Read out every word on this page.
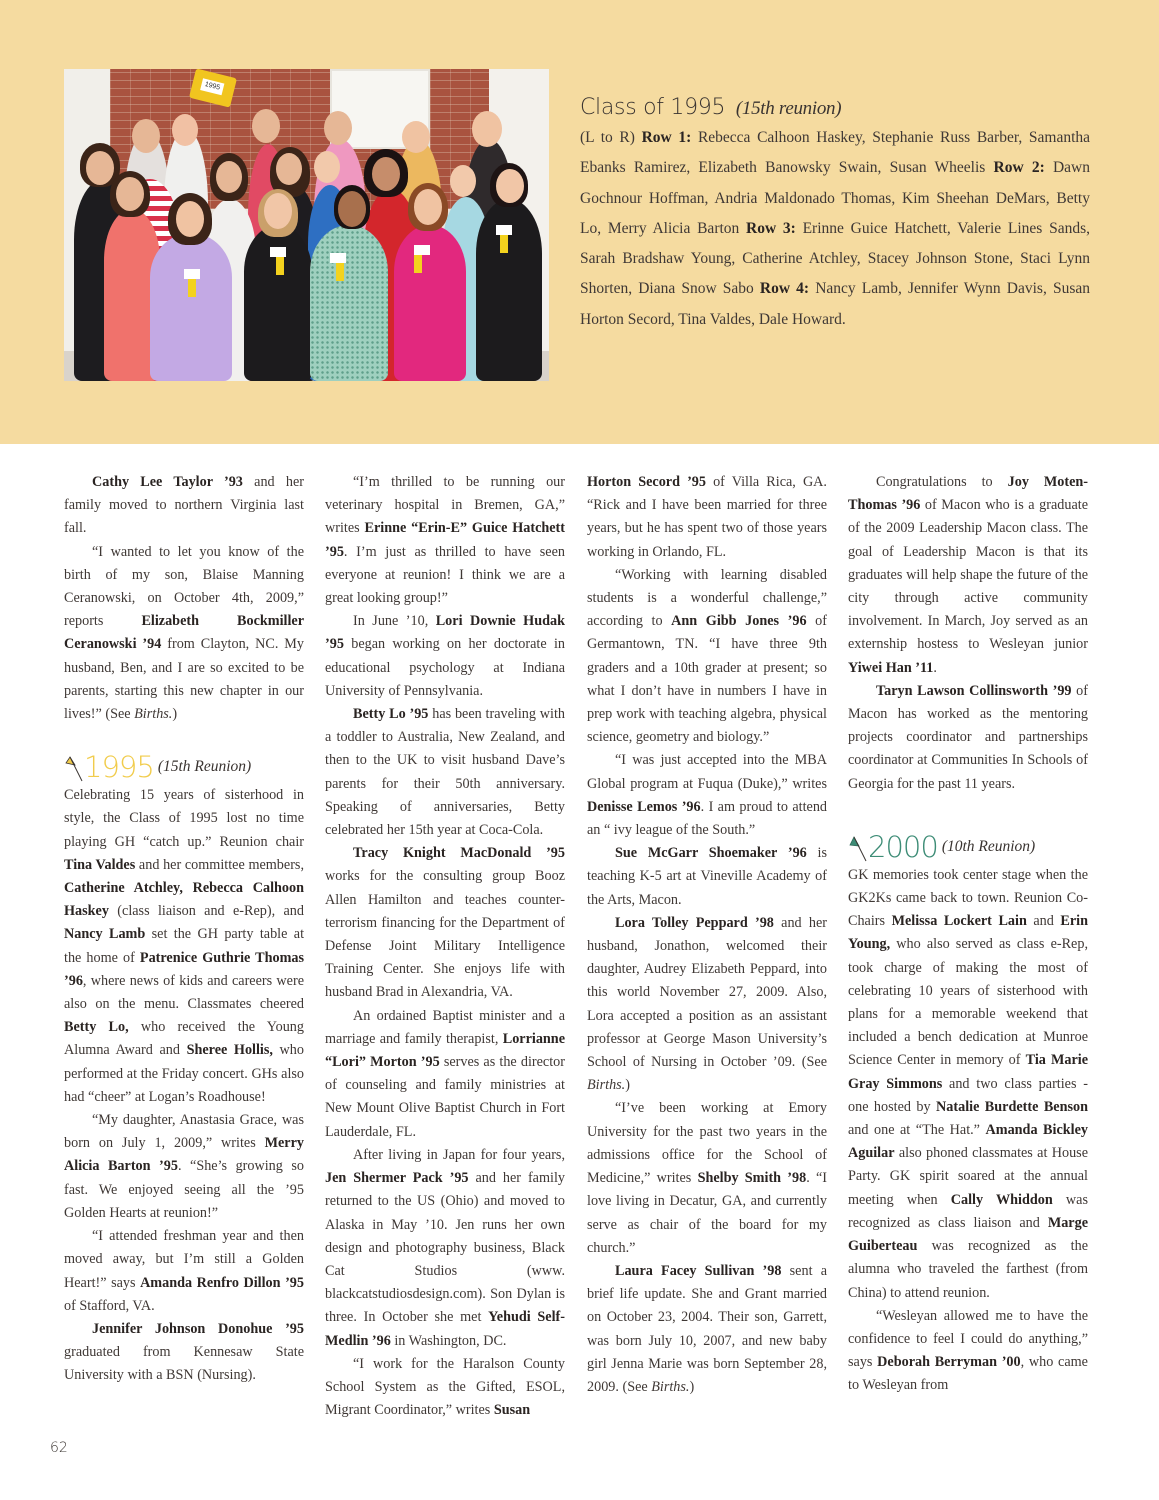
1995
Class of 1995 (15th reunion)
(L to R) Row 1: Rebecca Calhoon Haskey, Stephanie Russ Barber, Samantha Ebanks Ramirez, Elizabeth Banowsky Swain, Susan Wheelis Row 2: Dawn Gochnour Hoffman, Andria Maldonado Thomas, Kim Sheehan DeMars, Betty Lo, Merry Alicia Barton Row 3: Erinne Guice Hatchett, Valerie Lines Sands, Sarah Bradshaw Young, Catherine Atchley, Stacey Johnson Stone, Staci Lynn Shorten, Diana Snow Sabo Row 4: Nancy Lamb, Jennifer Wynn Davis, Susan Horton Secord, Tina Valdes, Dale Howard.

Cathy Lee Taylor ’93 and her family moved to northern Virginia last fall.

“I wanted to let you know of the birth of my son, Blaise Manning Ceranowski, on October 4th, 2009,” reports Elizabeth Bockmiller Ceranowski ’94 from Clayton, NC. My husband, Ben, and I are so excited to be parents, starting this new chapter in our lives!” (See Births.)

1995 (15th Reunion)

Celebrating 15 years of sisterhood in style, the Class of 1995 lost no time playing GH “catch up.” Reunion chair Tina Valdes and her committee members, Catherine Atchley, Rebecca Calhoon Haskey (class liaison and e-Rep), and Nancy Lamb set the GH party table at the home of Patrenice Guthrie Thomas ’96, where news of kids and careers were also on the menu. Classmates cheered Betty Lo, who received the Young Alumna Award and Sheree Hollis, who performed at the Friday concert. GHs also had “cheer” at Logan’s Roadhouse!

“My daughter, Anastasia Grace, was born on July 1, 2009,” writes Merry Alicia Barton ’95. “She’s growing so fast. We enjoyed seeing all the ’95 Golden Hearts at reunion!”

“I attended freshman year and then moved away, but I’m still a Golden Heart!” says Amanda Renfro Dillon ’95 of Stafford, VA.

Jennifer Johnson Donohue ’95 graduated from Kennesaw State University with a BSN (Nursing).

“I’m thrilled to be running our veterinary hospital in Bremen, GA,” writes Erinne “Erin-E” Guice Hatchett ’95. I’m just as thrilled to have seen everyone at reunion! I think we are a great looking group!”

In June ’10, Lori Downie Hudak ’95 began working on her doctorate in educational psychology at Indiana University of Pennsylvania.

Betty Lo ’95 has been traveling with a toddler to Australia, New Zealand, and then to the UK to visit husband Dave’s parents for their 50th anniversary. Speaking of anniversaries, Betty celebrated her 15th year at Coca-Cola.

Tracy Knight MacDonald ’95 works for the consulting group Booz Allen Hamilton and teaches counter-terrorism financing for the Department of Defense Joint Military Intelligence Training Center. She enjoys life with husband Brad in Alexandria, VA.

An ordained Baptist minister and a marriage and family therapist, Lorrianne “Lori” Morton ’95 serves as the director of counseling and family ministries at New Mount Olive Baptist Church in Fort Lauderdale, FL.

After living in Japan for four years, Jen Shermer Pack ’95 and her family returned to the US (Ohio) and moved to Alaska in May ’10. Jen runs her own design and photography business, Black Cat Studios (www. blackcatstudiosdesign.com). Son Dylan is three. In October she met Yehudi Self-Medlin ’96 in Washington, DC.

“I work for the Haralson County School System as the Gifted, ESOL, Migrant Coordinator,” writes Susan

Horton Secord ’95 of Villa Rica, GA. “Rick and I have been married for three years, but he has spent two of those years working in Orlando, FL.

“Working with learning disabled students is a wonderful challenge,” according to Ann Gibb Jones ’96 of Germantown, TN. “I have three 9th graders and a 10th grader at present; so what I don’t have in numbers I have in prep work with teaching algebra, physical science, geometry and biology.”

“I was just accepted into the MBA Global program at Fuqua (Duke),” writes Denisse Lemos ’96. I am proud to attend an “ ivy league of the South.”

Sue McGarr Shoemaker ’96 is teaching K-5 art at Vineville Academy of the Arts, Macon.

Lora Tolley Peppard ’98 and her husband, Jonathon, welcomed their daughter, Audrey Elizabeth Peppard, into this world November 27, 2009. Also, Lora accepted a position as an assistant professor at George Mason University’s School of Nursing in October ’09. (See Births.)

“I’ve been working at Emory University for the past two years in the admissions office for the School of Medicine,” writes Shelby Smith ’98. “I love living in Decatur, GA, and currently serve as chair of the board for my church.”

Laura Facey Sullivan ’98 sent a brief life update. She and Grant married on October 23, 2004. Their son, Garrett, was born July 10, 2007, and new baby girl Jenna Marie was born September 28, 2009. (See Births.)

Congratulations to Joy Moten-Thomas ’96 of Macon who is a graduate of the 2009 Leadership Macon class. The goal of Leadership Macon is that its graduates will help shape the future of the city through active community involvement. In March, Joy served as an externship hostess to Wesleyan junior Yiwei Han ’11.

Taryn Lawson Collinsworth ’99 of Macon has worked as the mentoring projects coordinator and partnerships coordinator at Communities In Schools of Georgia for the past 11 years.

2000 (10th Reunion)

GK memories took center stage when the GK2Ks came back to town. Reunion Co-Chairs Melissa Lockert Lain and Erin Young, who also served as class e-Rep, took charge of making the most of celebrating 10 years of sisterhood with plans for a memorable weekend that included a bench dedication at Munroe Science Center in memory of Tia Marie Gray Simmons and two class parties - one hosted by Natalie Burdette Benson and one at “The Hat.” Amanda Bickley Aguilar also phoned classmates at House Party. GK spirit soared at the annual meeting when Cally Whiddon was recognized as class liaison and Marge Guiberteau was recognized as the alumna who traveled the farthest (from China) to attend reunion.

“Wesleyan allowed me to have the confidence to feel I could do anything,” says Deborah Berryman ’00, who came to Wesleyan from

62
